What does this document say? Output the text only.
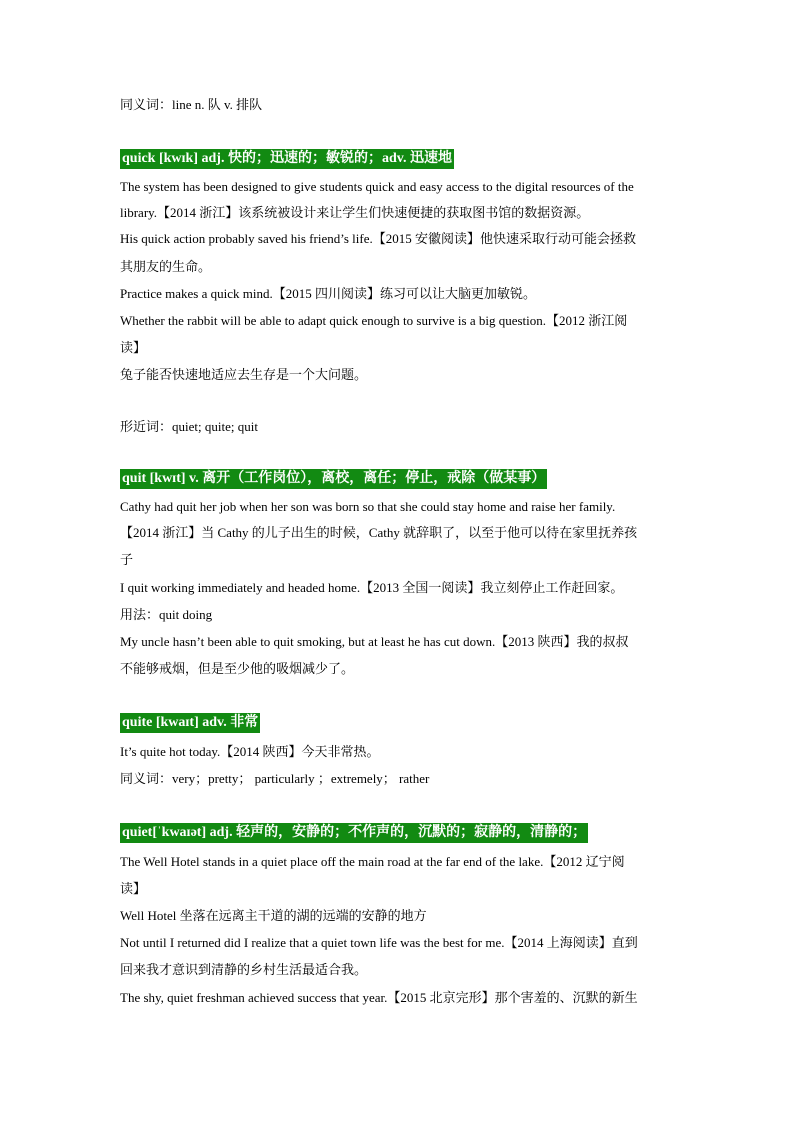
同义词：line n. 队 v. 排队
quick [kwɪk] adj. 快的；迅速的；敏锐的；adv. 迅速地
The system has been designed to give students quick and easy access to the digital resources of the
library.【2014 浙江】该系统被设计来让学生们快速便捷的获取图书馆的数据资源。
His quick action probably saved his friend’s life.【2015 安徽阅读】他快速采取行动可能会拯救
其朋友的生命。
Practice makes a quick mind.【2015 四川阅读】练习可以让大脑更加敏锐。
Whether the rabbit will be able to adapt quick enough to survive is a big question.【2012 浙江阅
读】
兔子能否快速地适应去生存是一个大问题。
形近词：quiet; quite; quit
quit [kwɪt] v. 离开（工作岗位），离校，离任；停止，戒除（做某事）
Cathy had quit her job when her son was born so that she could stay home and raise her family.
【2014 浙江】当 Cathy 的儿子出生的时候，Cathy 就辞职了，以至于他可以待在家里抚养孩
子
I quit working immediately and headed home.【2013 全国一阅读】我立刻停止工作赶回家。
用法：quit doing
My uncle hasn’t been able to quit smoking, but at least he has cut down.【2013 陕西】我的叔叔
不能够戒烟，但是至少他的吸烟减少了。
quite [kwaɪt] adv. 非常
It’s quite hot today.【2014 陕西】今天非常热。
同义词：very；pretty； particularly ；extremely； rather
quiet[ˈkwaɪət] adj. 轻声的，安静的；不作声的，沉默的；寂静的，清静的；
The Well Hotel stands in a quiet place off the main road at the far end of the lake.【2012 辽宁阅
读】
Well Hotel 坐落在远离主干道的湖的远端的安静的地方
Not until I returned did I realize that a quiet town life was the best for me.【2014 上海阅读】直到
回来我才意识到清静的乡村生活最适合我。
The shy, quiet freshman achieved success that year.【2015 北京完形】那个害羞的、沉默的新生
